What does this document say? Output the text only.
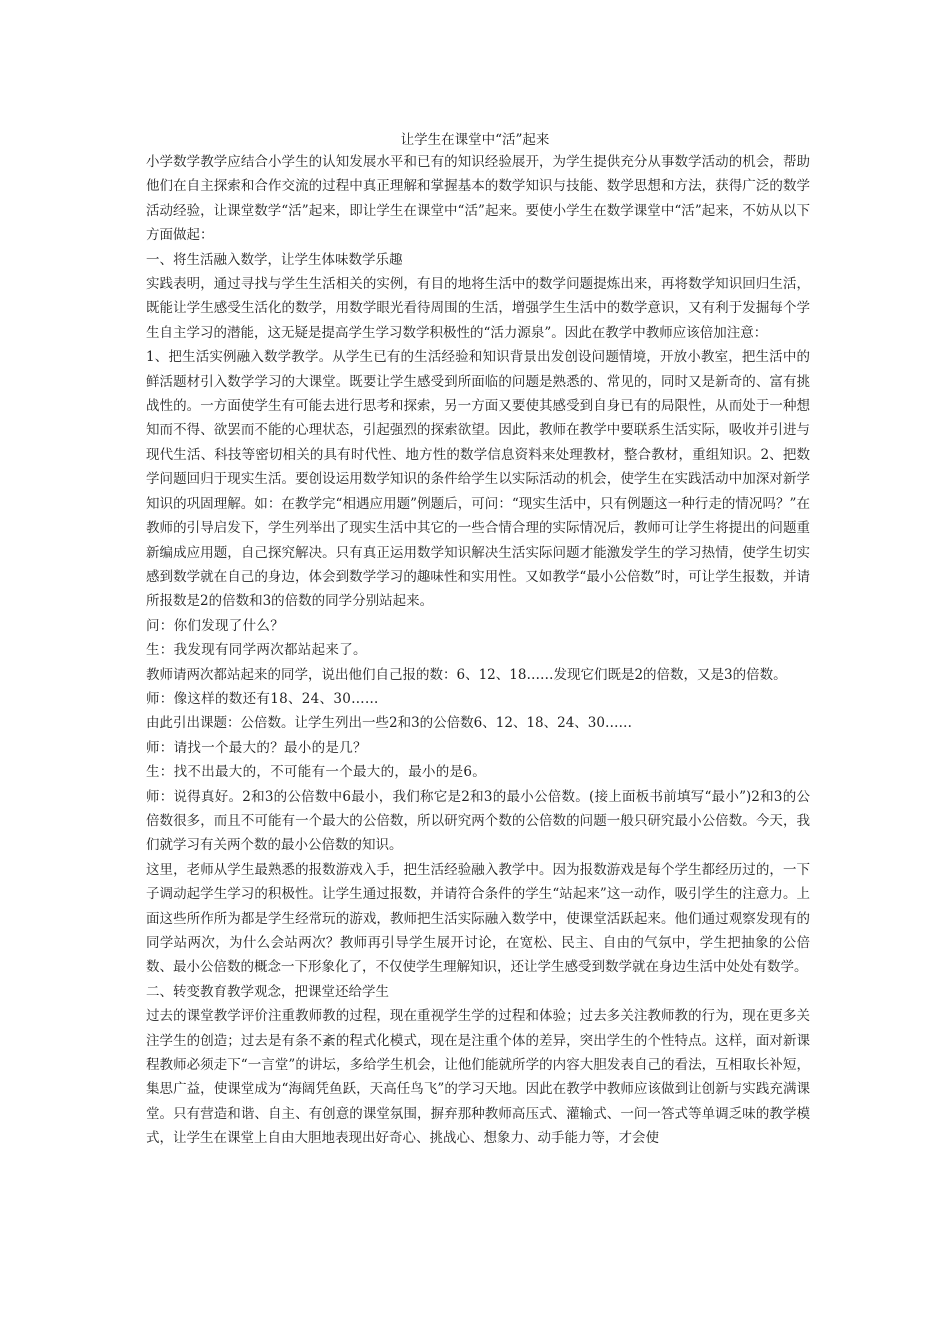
让学生在课堂中“活”起来

小学数学教学应结合小学生的认知发展水平和已有的知识经验展开，为学生提供充分从事数学活动的机会，帮助他们在自主探索和合作交流的过程中真正理解和掌握基本的数学知识与技能、数学思想和方法，获得广泛的数学活动经验，让课堂数学“活”起来，即让学生在课堂中“活”起来。要使小学生在数学课堂中“活”起来，不妨从以下方面做起：

一、将生活融入数学，让学生体味数学乐趣

实践表明，通过寻找与学生生活相关的实例，有目的地将生活中的数学问题提炼出来，再将数学知识回归生活，既能让学生感受生活化的数学，用数学眼光看待周围的生活，增强学生生活中的数学意识，又有利于发掘每个学生自主学习的潜能，这无疑是提高学生学习数学积极性的“活力源泉”。因此在教学中教师应该倍加注意：

1、把生活实例融入数学教学。从学生已有的生活经验和知识背景出发创设问题情境，开放小教室，把生活中的鲜活题材引入数学学习的大课堂。既要让学生感受到所面临的问题是熟悉的、常见的，同时又是新奇的、富有挑战性的。一方面使学生有可能去进行思考和探索，另一方面又要使其感受到自身已有的局限性，从而处于一种想知而不得、欲罢而不能的心理状态，引起强烈的探索欲望。因此，教师在教学中要联系生活实际，吸收并引进与现代生活、科技等密切相关的具有时代性、地方性的数学信息资料来处理教材，整合教材，重组知识。2、把数学问题回归于现实生活。要创设运用数学知识的条件给学生以实际活动的机会，使学生在实践活动中加深对新学知识的巩固理解。如：在教学完“相遇应用题”例题后，可问：“现实生活中，只有例题这一种行走的情况吗？”在教师的引导启发下，学生列举出了现实生活中其它的一些合情合理的实际情况后，教师可让学生将提出的问题重新编成应用题，自己探究解决。只有真正运用数学知识解决生活实际问题才能激发学生的学习热情，使学生切实感到数学就在自己的身边，体会到数学学习的趣味性和实用性。又如教学“最小公倍数”时，可让学生报数，并请所报数是2的倍数和3的倍数的同学分别站起来。

问：你们发现了什么？

生：我发现有同学两次都站起来了。

教师请两次都站起来的同学，说出他们自己报的数：6、12、18……发现它们既是2的倍数，又是3的倍数。

师：像这样的数还有18、24、30……

由此引出课题：公倍数。让学生列出一些2和3的公倍数6、12、18、24、30……

师：请找一个最大的？最小的是几？

生：找不出最大的，不可能有一个最大的，最小的是6。

师：说得真好。2和3的公倍数中6最小，我们称它是2和3的最小公倍数。(接上面板书前填写“最小”)2和3的公倍数很多，而且不可能有一个最大的公倍数，所以研究两个数的公倍数的问题一般只研究最小公倍数。今天，我们就学习有关两个数的最小公倍数的知识。

这里，老师从学生最熟悉的报数游戏入手，把生活经验融入教学中。因为报数游戏是每个学生都经历过的，一下子调动起学生学习的积极性。让学生通过报数，并请符合条件的学生“站起来”这一动作，吸引学生的注意力。上面这些所作所为都是学生经常玩的游戏，教师把生活实际融入数学中，使课堂活跃起来。他们通过观察发现有的同学站两次，为什么会站两次？教师再引导学生展开讨论，在宽松、民主、自由的气氛中，学生把抽象的公倍数、最小公倍数的概念一下形象化了，不仅使学生理解知识，还让学生感受到数学就在身边生活中处处有数学。

二、转变教育教学观念，把课堂还给学生

过去的课堂教学评价注重教师教的过程，现在重视学生学的过程和体验；过去多关注教师教的行为，现在更多关注学生的创造；过去是有条不紊的程式化模式，现在是注重个体的差异，突出学生的个性特点。这样，面对新课程教师必须走下“一言堂”的讲坛，多给学生机会，让他们能就所学的内容大胆发表自己的看法，互相取长补短，集思广益，使课堂成为“海阔凭鱼跃，天高任鸟飞”的学习天地。因此在教学中教师应该做到让创新与实践充满课堂。只有营造和谐、自主、有创意的课堂氛围，摒弃那种教师高压式、灌输式、一问一答式等单调乏味的教学模式，让学生在课堂上自由大胆地表现出好奇心、挑战心、想象力、动手能力等，才会使
